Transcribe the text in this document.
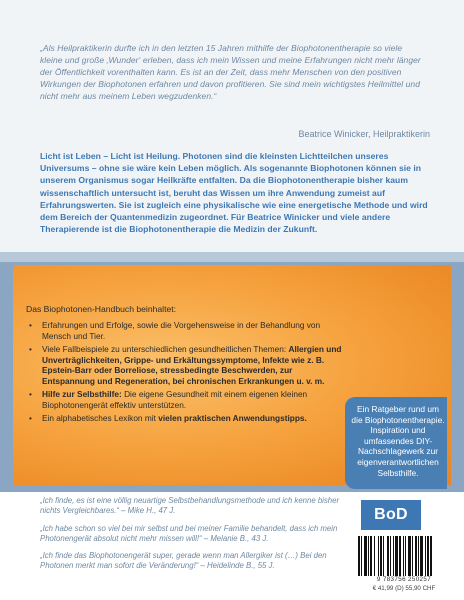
„Als Heilpraktikerin durfte ich in den letzten 15 Jahren mithilfe der Biophotonentherapie so viele kleine und große ‚Wunder‘ erleben, dass ich mein Wissen und meine Erfahrungen nicht mehr länger der Öffentlichkeit vorenthalten kann. Es ist an der Zeit, dass mehr Menschen von den positiven Wirkungen der Biophotonen erfahren und davon profitieren. Sie sind mein wichtigstes Heilmittel und nicht mehr aus meinem Leben wegzudenken.“
Beatrice Winicker, Heilpraktikerin
Licht ist Leben – Licht ist Heilung. Photonen sind die kleinsten Lichtteilchen unseres Universums – ohne sie wäre kein Leben möglich. Als sogenannte Biophotonen können sie in unserem Organismus sogar Heilkräfte entfalten. Da die Biophotonentherapie bisher kaum wissenschaftlich untersucht ist, beruht das Wissen um ihre Anwendung zumeist auf Erfahrungswerten. Sie ist zugleich eine physikalische wie eine energetische Methode und wird dem Bereich der Quantenmedizin zugeordnet. Für Beatrice Winicker und viele andere Therapierende ist die Biophotonentherapie die Medizin der Zukunft.
Das Biophotonen-Handbuch beinhaltet:
• Erfahrungen und Erfolge, sowie die Vorgehensweise in der Behandlung von Mensch und Tier.
• Viele Fallbeispiele zu unterschiedlichen gesundheitlichen Themen: Allergien und Unverträglichkeiten, Grippe- und Erkältungssymptome, Infekte wie z. B. Epstein-Barr oder Borreliose, stressbedingte Beschwerden, zur Entspannung und Regeneration, bei chronischen Erkrankungen u. v. m.
• Hilfe zur Selbsthilfe: Die eigene Gesundheit mit einem eigenen kleinen Biophotonengerät effektiv unterstützen.
• Ein alphabetisches Lexikon mit vielen praktischen Anwendungstipps.
Ein Ratgeber rund um die Biophotonentherapie. Inspiration und umfassendes DIY-Nachschlagewerk zur eigenverantwortlichen Selbsthilfe.

„Ich finde, es ist eine völlig neuartige Selbstbehandlungsmethode und ich kenne bisher nichts Vergleichbares.“ – Mike H., 47 J.

„Ich habe schon so viel bei mir selbst und bei meiner Familie behandelt, dass ich mein Photonengerät absolut nicht mehr missen will!“ – Melanie B., 43 J.

„Ich finde das Biophotonengerät super, gerade wenn man Allergiker ist (…) Bei den Photonen merkt man sofort die Veränderung!“ – Heidelinde B., 55 J.

BoD
9 783756 250257
€ 41,99 (D) 55,90 CHF
